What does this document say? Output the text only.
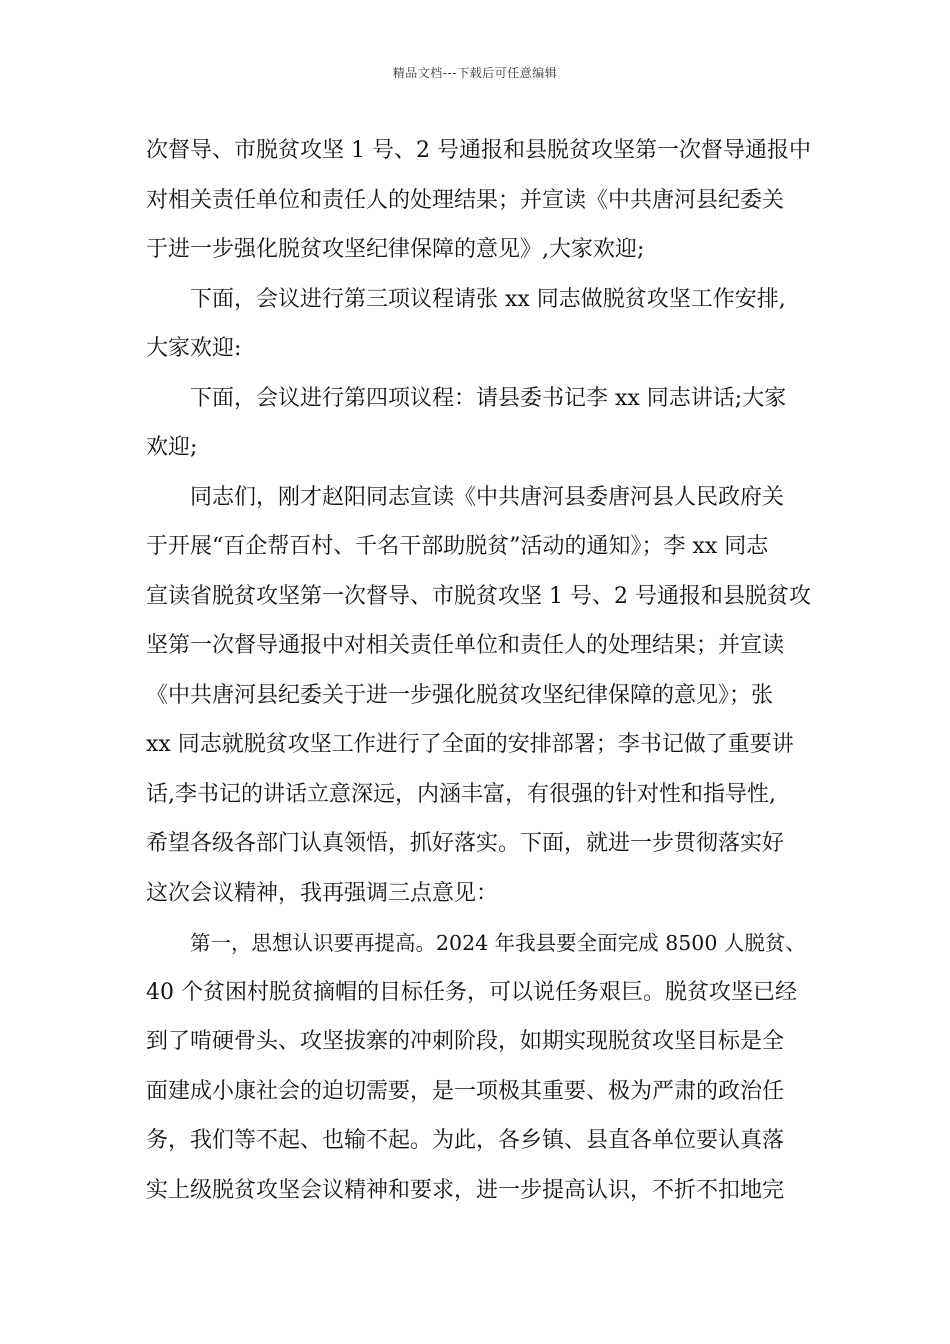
精品文档---下载后可任意编辑
次督导、市脱贫攻坚 1 号、2 号通报和县脱贫攻坚第一次督导通报中
对相关责任单位和责任人的处理结果；并宣读《中共唐河县纪委关
于进一步强化脱贫攻坚纪律保障的意见》,大家欢迎;
下面，会议进行第三项议程请张 xx 同志做脱贫攻坚工作安排,
大家欢迎:
下面，会议进行第四项议程：请县委书记李 xx 同志讲话;大家
欢迎;
同志们，刚才赵阳同志宣读《中共唐河县委唐河县人民政府关
于开展“百企帮百村、千名干部助脱贫”活动的通知》；李 xx 同志
宣读省脱贫攻坚第一次督导、市脱贫攻坚 1 号、2 号通报和县脱贫攻
坚第一次督导通报中对相关责任单位和责任人的处理结果；并宣读
《中共唐河县纪委关于进一步强化脱贫攻坚纪律保障的意见》；张
xx 同志就脱贫攻坚工作进行了全面的安排部署；李书记做了重要讲
话,李书记的讲话立意深远，内涵丰富，有很强的针对性和指导性,
希望各级各部门认真领悟，抓好落实。下面，就进一步贯彻落实好
这次会议精神，我再强调三点意见：
第一，思想认识要再提高。2024 年我县要全面完成 8500 人脱贫、
40 个贫困村脱贫摘帽的目标任务，可以说任务艰巨。脱贫攻坚已经
到了啃硬骨头、攻坚拔寨的冲刺阶段，如期实现脱贫攻坚目标是全
面建成小康社会的迫切需要，是一项极其重要、极为严肃的政治任
务，我们等不起、也输不起。为此，各乡镇、县直各单位要认真落
实上级脱贫攻坚会议精神和要求，进一步提高认识，不折不扣地完
